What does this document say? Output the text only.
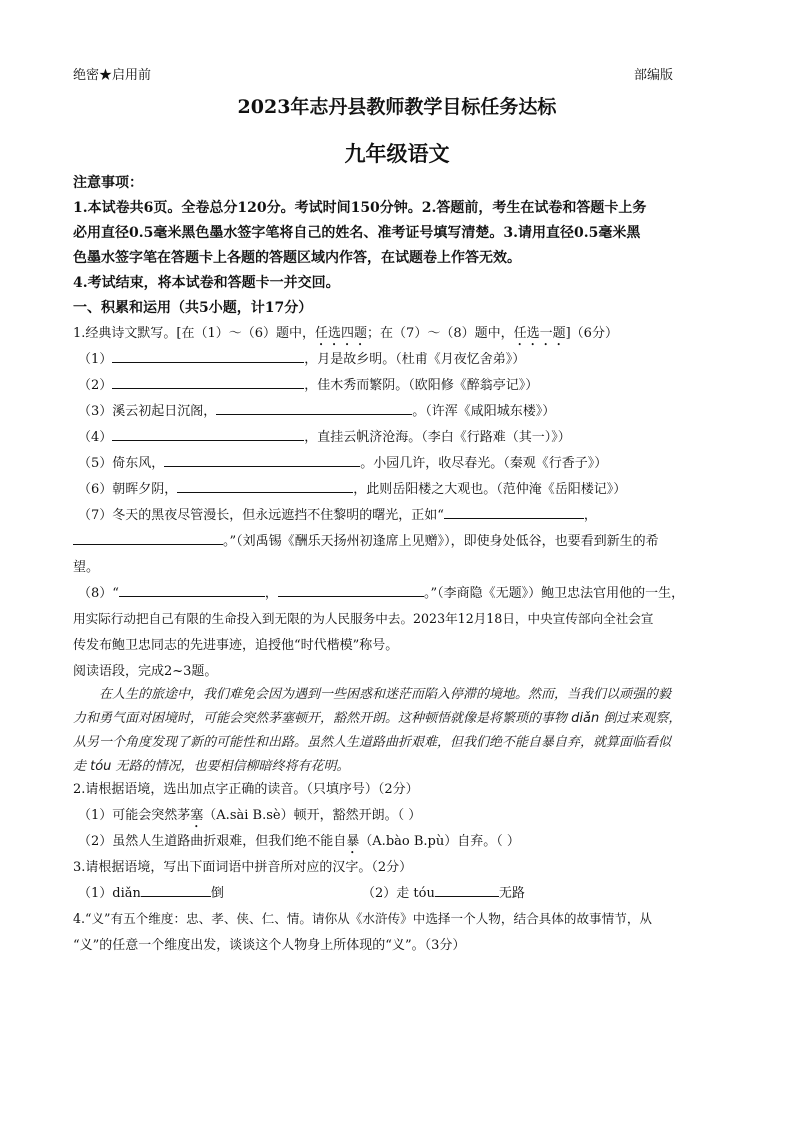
绝密★启用前	部编版
2023年志丹县教师教学目标任务达标
九年级语文
注意事项：
1.本试卷共6页。全卷总分120分。考试时间150分钟。2.答题前，考生在试卷和答题卡上务
必用直径0.5毫米黑色墨水签字笔将自己的姓名、准考证号填写清楚。3.请用直径0.5毫米黑
色墨水签字笔在答题卡上各题的答题区域内作答，在试题卷上作答无效。
4.考试结束，将本试卷和答题卡一并交回。
一、积累和运用（共5小题，计17分）
1.经典诗文默写。[在（1）～（6）题中，任选四题；在（7）～（8）题中，任选一题]（6分）
（1）	，月是故乡明。（杜甫《月夜忆舍弟》）
（2）	，佳木秀而繁阴。（欧阳修《醉翁亭记》）
（3）溪云初起日沉阁，	。（许浑《咸阳城东楼》）
（4）	，直挂云帆济沧海。（李白《行路难（其一）》）
（5）倚东风，	。小园几许，收尽春光。（秦观《行香子》）
（6）朝晖夕阴，	，此则岳阳楼之大观也。（范仲淹《岳阳楼记》）
（7）冬天的黑夜尽管漫长，但永远遮挡不住黎明的曙光，正如“	，
。”（刘禹锡《酬乐天扬州初逢席上见赠》），即使身处低谷，也要看到新生的希
望。
（8）“	，	。”（李商隐《无题》）鲍卫忠法官用他的一生，
用实际行动把自己有限的生命投入到无限的为人民服务中去。2023年12月18日，中央宣传部向全社会宣
传发布鲍卫忠同志的先进事迹，追授他“时代楷模”称号。
阅读语段，完成2~3题。
在人生的旅途中，我们难免会因为遇到一些困惑和迷茫而陷入停滞的境地。然而，当我们以顽强的毅
力和勇气面对困境时，可能会突然茅塞顿开，豁然开朗。这种顿悟就像是将繁琐的事物 diǎn 倒过来观察，
从另一个角度发现了新的可能性和出路。虽然人生道路曲折艰难，但我们绝不能自暴自弃，就算面临看似
走 tóu 无路的情况，也要相信柳暗终将有花明。
2.请根据语境，选出加点字正确的读音。（只填序号）（2分）
（1）可能会突然茅塞（A.sài B.sè）顿开，豁然开朗。（ ）
（2）虽然人生道路曲折艰难，但我们绝不能自暴（A.bào B.pù）自弃。（ ）
3.请根据语境，写出下面词语中拼音所对应的汉字。（2分）
（1）diǎn	倒	（2）走 tóu	无路
4.“义”有五个维度：忠、孝、侠、仁、情。请你从《水浒传》中选择一个人物，结合具体的故事情节，从
“义”的任意一个维度出发，谈谈这个人物身上所体现的“义”。（3分）
